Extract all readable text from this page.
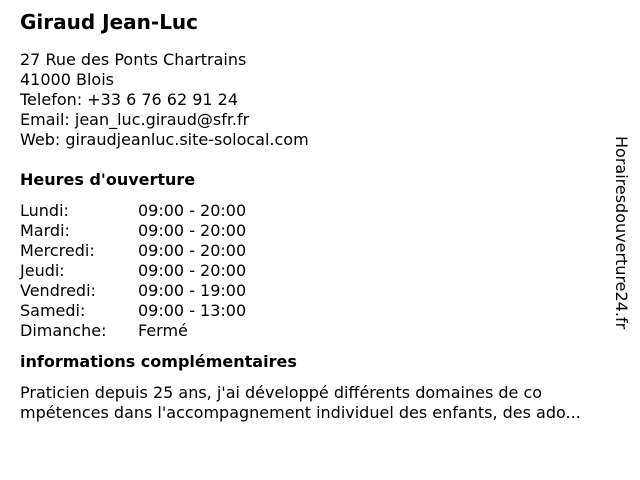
Giraud Jean-Luc
27 Rue des Ponts Chartrains
41000 Blois
Telefon: +33 6 76 62 91 24
Email: jean_luc.giraud@sfr.fr
Web: giraudjeanluc.site-solocal.com
Heures d'ouverture
Lundi:	09:00 - 20:00
Mardi:	09:00 - 20:00
Mercredi:	09:00 - 20:00
Jeudi:	09:00 - 20:00
Vendredi:	09:00 - 19:00
Samedi:	09:00 - 13:00
Dimanche:	Fermé
informations complémentaires
Praticien depuis 25 ans, j'ai développé différents domaines de co
mpétences dans l'accompagnement individuel des enfants, des ado...
Horairesdouverture24.fr
